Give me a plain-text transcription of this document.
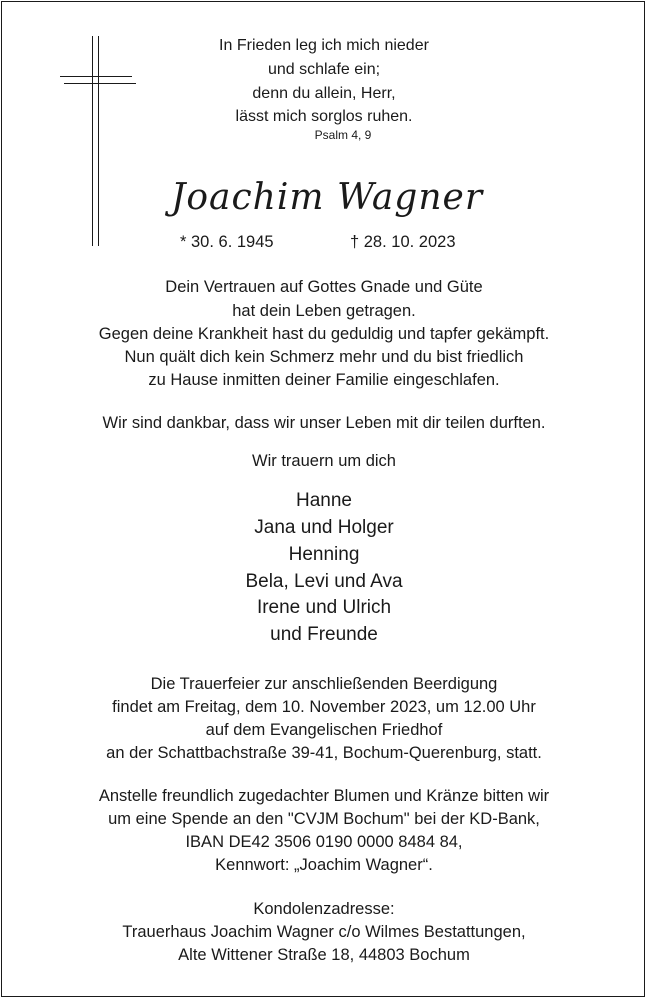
In Frieden leg ich mich nieder
und schlafe ein;
denn du allein, Herr,
lässt mich sorglos ruhen.
Psalm 4, 9
Joachim Wagner
* 30. 6. 1945	† 28. 10. 2023
Dein Vertrauen auf Gottes Gnade und Güte
hat dein Leben getragen.
Gegen deine Krankheit hast du geduldig und tapfer gekämpft.
Nun quält dich kein Schmerz mehr und du bist friedlich
zu Hause inmitten deiner Familie eingeschlafen.
Wir sind dankbar, dass wir unser Leben mit dir teilen durften.
Wir trauern um dich
Hanne
Jana und Holger
Henning
Bela, Levi und Ava
Irene und Ulrich
und Freunde
Die Trauerfeier zur anschließenden Beerdigung
findet am Freitag, dem 10. November 2023, um 12.00 Uhr
auf dem Evangelischen Friedhof
an der Schattbachstraße 39-41, Bochum-Querenburg, statt.
Anstelle freundlich zugedachter Blumen und Kränze bitten wir
um eine Spende an den "CVJM Bochum" bei der KD-Bank,
IBAN DE42 3506 0190 0000 8484 84,
Kennwort: „Joachim Wagner“.
Kondolenzadresse:
Trauerhaus Joachim Wagner c/o Wilmes Bestattungen,
Alte Wittener Straße 18, 44803 Bochum
